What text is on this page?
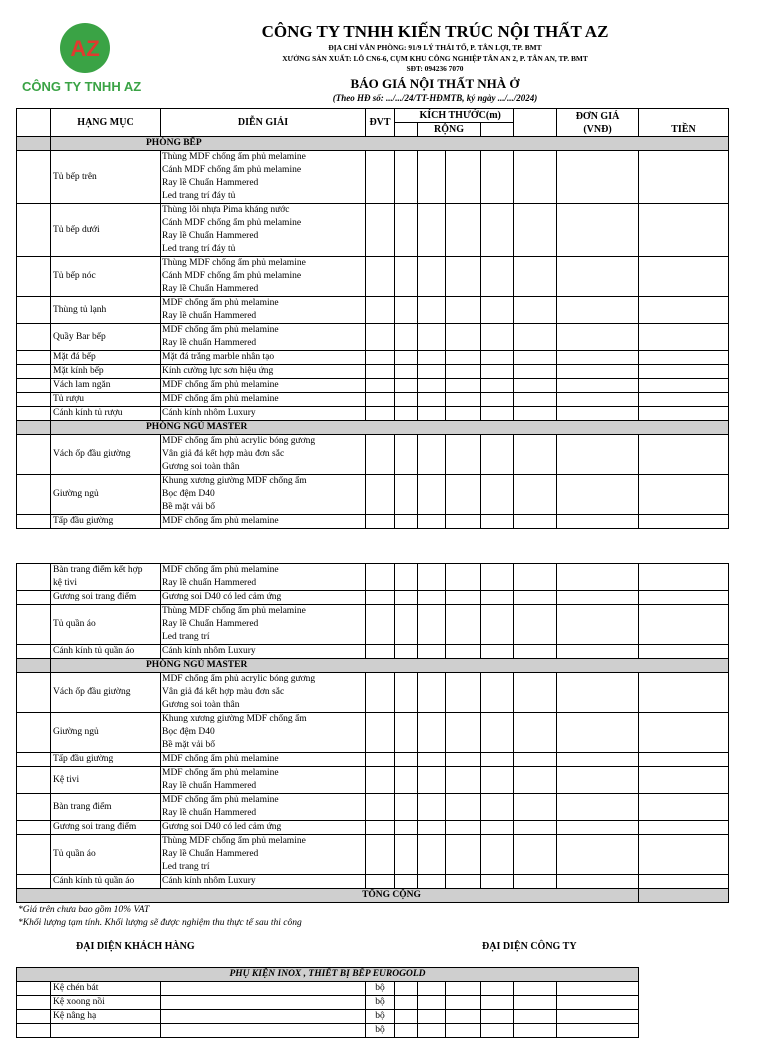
AZ
CÔNG TY TNHH AZ
CÔNG TY TNHH KIẾN TRÚC NỘI THẤT AZ
ĐỊA CHỈ VĂN PHÒNG: 91/9 LÝ THÁI TỔ, P. TÂN LỢI, TP. BMT
XƯỞNG SẢN XUẤT: LÔ CN6-6, CỤM KHU CÔNG NGHIỆP TÂN AN 2, P. TÂN AN, TP. BMT
SĐT: 094236 7070
BÁO GIÁ NỘI THẤT NHÀ Ở
(Theo HĐ số: .../.../24/TT-HĐMTB, ký ngày .../.../2024)
	HẠNG MỤC	DIỄN GIẢI	ĐVT		KÍCH THƯỚC(m)				ĐƠN GIÁ
(VNĐ)	TIỀN
					RỘNG					
	PHÒNG BẾP									
	Tủ bếp trên	Thùng MDF chống ẩm phủ melamine								
		Cánh MDF chống ẩm phủ melamine								
		Ray lề Chuẩn Hammered								
		Led trang trí đáy tủ								
	Tủ bếp dưới	Thùng lõi nhựa Pima kháng nước								
		Cánh MDF chống ẩm phủ melamine								
		Ray lề Chuẩn Hammered								
		Led trang trí đáy tủ								
	Tủ bếp nóc	Thùng MDF chống ẩm phủ melamine								
		Cánh MDF chống ẩm phủ melamine								
		Ray lề Chuẩn Hammered								
	Thùng tủ lạnh	MDF chống ẩm phủ melamine								
		Ray lề chuẩn Hammered								
	Quầy Bar bếp	MDF chống ẩm phủ melamine								
		Ray lề chuẩn Hammered								
	Mặt đá bếp	Mặt đá trắng marble nhân tạo								
	Mặt kính bếp	Kính cường lực sơn hiệu ứng								
	Vách lam ngăn	MDF chống ẩm phủ melamine								
	Tủ rượu	MDF chống ẩm phủ melamine								
	Cánh kính tủ rượu	Cánh kính nhôm Luxury								
	PHÒNG NGỦ MASTER									
	Vách ốp đầu giường	MDF chống ẩm phủ acrylic bóng gương								
		Vân giả đá kết hợp màu đơn sắc								
		Gương soi toàn thân								
	Giường ngủ	Khung xương giường MDF chống ẩm								
		Bọc đệm D40								
		Bề mặt vải bố								
	Tấp đầu giường	MDF chống ẩm phủ melamine								

	Bàn trang điểm kết hợp
kệ tivi	MDF chống ẩm phủ melamine								
		Ray lề chuẩn Hammered								
	Gương soi trang điểm	Gương soi D40 có led cảm ứng								
	Tủ quần áo	Thùng MDF chống ẩm phủ melamine								
		Ray lề Chuẩn Hammered								
		Led trang trí								
	Cánh kính tủ quần áo	Cánh kính nhôm Luxury								
	PHÒNG NGỦ MASTER									
	Vách ốp đầu giường	MDF chống ẩm phủ acrylic bóng gương								
		Vân giả đá kết hợp màu đơn sắc								
		Gương soi toàn thân								
	Giường ngủ	Khung xương giường MDF chống ẩm								
		Bọc đệm D40								
		Bề mặt vải bố								
	Tấp đầu giường	MDF chống ẩm phủ melamine								
	Kệ tivi	MDF chống ẩm phủ melamine								
		Ray lề chuẩn Hammered								
	Bàn trang điểm	MDF chống ẩm phủ melamine								
		Ray lề chuẩn Hammered								
	Gương soi trang điểm	Gương soi D40 có led cảm ứng								
	Tủ quần áo	Thùng MDF chống ẩm phủ melamine								
		Ray lề Chuẩn Hammered								
		Led trang trí								
	Cánh kính tủ quần áo	Cánh kính nhôm Luxury								
TỔNG CỘNG										
*Giá trên chưa bao gồm 10% VAT
*Khối lượng tạm tính. Khối lượng sẽ được nghiệm thu thực tế sau thi công
ĐẠI DIỆN KHÁCH HÀNG	ĐẠI DIỆN CÔNG TY
PHỤ KIỆN INOX , THIẾT BỊ BẾP EUROGOLD									
	Kệ chén bát		bộ						
	Kệ xoong nồi		bộ						
	Kệ nâng hạ		bộ						
			bộ						
